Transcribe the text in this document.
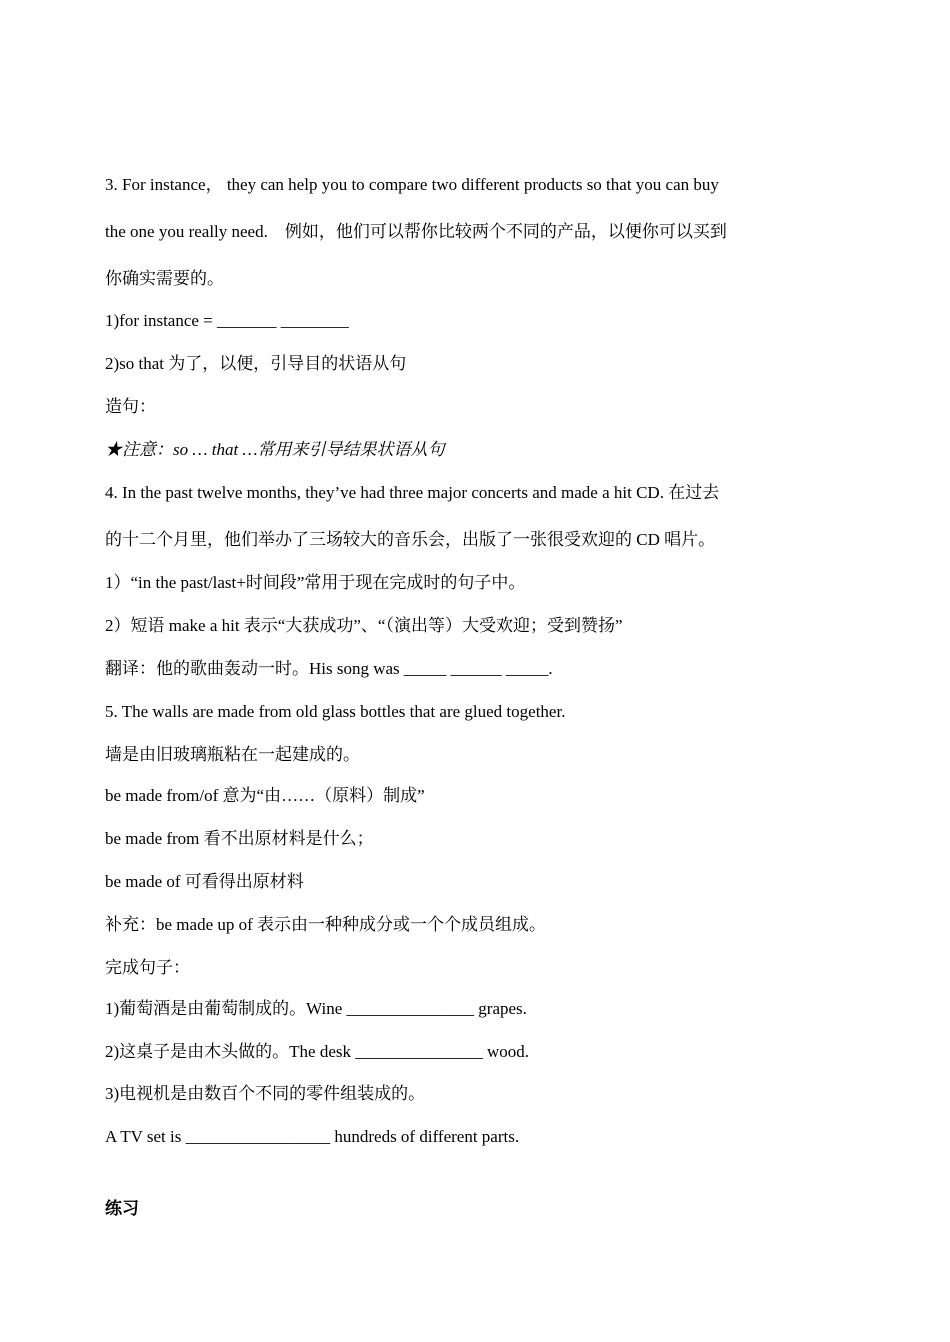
3. For instance， they can help you to compare two different products so that you can buy
the one you really need.　例如，他们可以帮你比较两个不同的产品，以便你可以买到
你确实需要的。
1)for instance = _______ ________
2)so that 为了，以便，引导目的状语从句
造句：
★注意：so … that …常用来引导结果状语从句
4. In the past twelve months, they’ve had three major concerts and made a hit CD. 在过去
的十二个月里，他们举办了三场较大的音乐会，出版了一张很受欢迎的 CD 唱片。
1）“in the past/last+时间段”常用于现在完成时的句子中。
2）短语 make a hit 表示“大获成功”、“（演出等）大受欢迎；受到赞扬”
翻译：他的歌曲轰动一时。His song was _____ ______ _____.
5. The walls are made from old glass bottles that are glued together.
墙是由旧玻璃瓶粘在一起建成的。
be made from/of 意为“由……（原料）制成”
be made from 看不出原材料是什么；
be made of 可看得出原材料
补充：be made up of 表示由一种种成分或一个个成员组成。
完成句子：
1)葡萄酒是由葡萄制成的。Wine _______________ grapes.
2)这桌子是由木头做的。The desk _______________ wood.
3)电视机是由数百个不同的零件组装成的。
A TV set is _________________ hundreds of different parts.
练习
